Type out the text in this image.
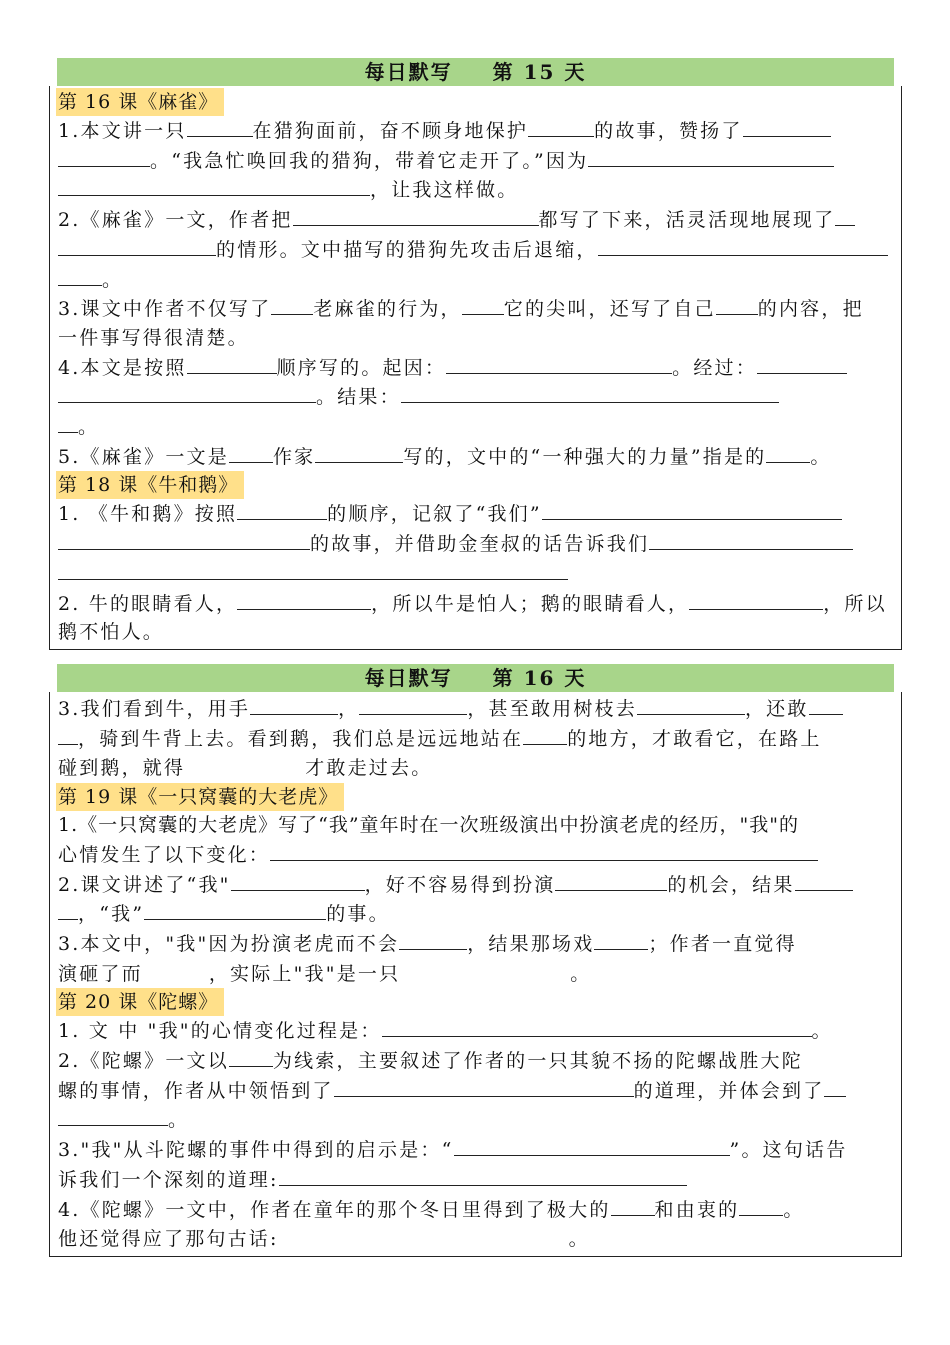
每日默写 第 15 天
第 16 课《麻雀》
1.本文讲一只	在猎狗面前，奋不顾身地保护	的故事，赞扬了
。“我急忙唤回我的猎狗，带着它走开了。”因为
，让我这样做。
2.《麻雀》一文，作者把	都写了下来，活灵活现地展现了
的情形。文中描写的猎狗先攻击后退缩，
。
3.课文中作者不仅写了 老麻雀的行为， 它的尖叫，还写了自己 的内容，把
一件事写得很清楚。
4.本文是按照	顺序写的。起因：	。经过：
。结果：
。
5.《麻雀》一文是 作家	写的，文中的“一种强大的力量”指是的 。
第 18 课《牛和鹅》
1. 《牛和鹅》按照	的顺序，记叙了“我们”
的故事，并借助金奎叔的话告诉我们
2. 牛的眼睛看人，	，所以牛是怕人；鹅的眼睛看人，	，所以
鹅不怕人。
每日默写 第 16 天
3.我们看到牛，用手	，	，甚至敢用树枝去	，还敢
，骑到牛背上去。看到鹅，我们总是远远地站在 的地方，才敢看它，在路上
碰到鹅，就得	才敢走过去。
第 19 课《一只窝囊的大老虎》
1.《一只窝囊的大老虎》写了“我”童年时在一次班级演出中扮演老虎的经历，"我"的
心情发生了以下变化：
2.课文讲述了“我"	，好不容易得到扮演	的机会，结果
，“我”	的事。
3.本文中，"我"因为扮演老虎而不会	，结果那场戏	；作者一直觉得
演砸了而	，实际上"我"是一只	。
第 20 课《陀螺》
1. 文 中 "我"的心情变化过程是：	。
2.《陀螺》一文以 为线索，主要叙述了作者的一只其貌不扬的陀螺战胜大陀
螺的事情，作者从中领悟到了	的道理，并体会到了
。
3."我"从斗陀螺的事件中得到的启示是：“	”。这句话告
诉我们一个深刻的道理:
4.《陀螺》一文中，作者在童年的那个冬日里得到了极大的 和由衷的 。
他还觉得应了那句古话:	。
